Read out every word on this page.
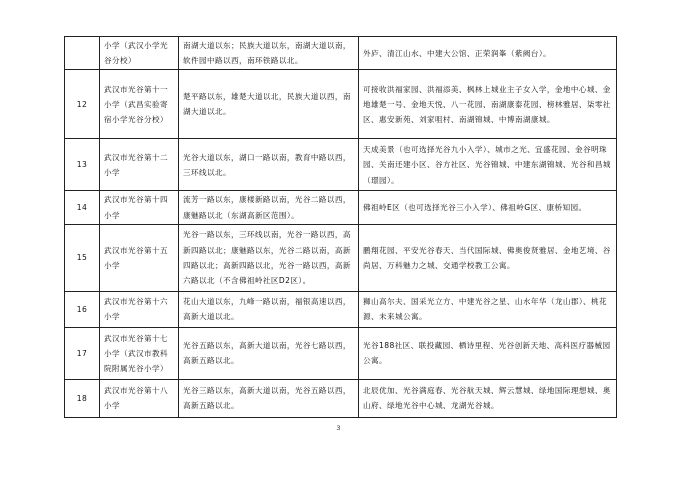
	小学（武汉小学光谷分校）	南湖大道以东；民族大道以东，南湖大道以南，软件园中路以西，南环铁路以北。	外庐、清江山水、中建大公馆、正荣润峯（紫阙台）。
12	武汉市光谷第十一小学（武昌实验寄宿小学光谷分校）	楚平路以东，雄楚大道以北，民族大道以西，南湖大道以北。	可接收洪福家园、洪福添美、枫林上城业主子女入学，金地中心城、金地雄楚一号、金地天悦、八一花园、南湖康泰花园、榜林雅居、柒零社区、惠安新苑、刘家咀村、南湖锦城、中博南湖康城。
13	武汉市光谷第十二小学	光谷大道以东，湖口一路以南，教育中路以西，三环线以北。	天成美景（也可选择光谷九小入学）、城市之光、宜盛花园、金谷明珠园、关南还建小区、谷方社区、光谷锦城、中建东湖锦城、光谷和昌城（璟园）。
14	武汉市光谷第十四小学	流芳一路以东，康楼新路以南，光谷二路以西，康魅路以北（东湖高新区范围）。	佛祖岭E区（也可选择光谷三小入学）、佛祖岭G区、康桥知园。
15	武汉市光谷第十五小学	光谷一路以东，三环线以南，光谷一路以西，高新四路以北；康魅路以东，光谷二路以南，高新四路以北；高新四路以北，光谷一路以西，高新六路以北（不含佛祖岭社区D2区）。	鹏翔花园、平安光谷春天、当代国际城、佛奥俊贤雅居、金地艺境、谷尚居、万科魅力之城、交通学校教工公寓。
16	武汉市光谷第十六小学	花山大道以东，九峰一路以南，福银高速以西，高新大道以北。	狮山高尔夫、国采光立方、中建光谷之星、山水年华（龙山郡）、桃花源、未来城公寓。
17	武汉市光谷第十七小学（武汉市教科院附属光谷小学）	光谷五路以东，高新大道以南，光谷七路以西，高新五路以北。	光谷188社区、联投藏园、栖诗里程、光谷创新天地、高科医疗器械园公寓。
18	武汉市光谷第十八小学	光谷三路以东，高新大道以南，光谷五路以西，高新五路以北。	北辰优加、光谷满庭春、光谷航天城、辉云慧城、绿地国际理想城、奥山府、绿地光谷中心城、龙湖光谷城。
3
